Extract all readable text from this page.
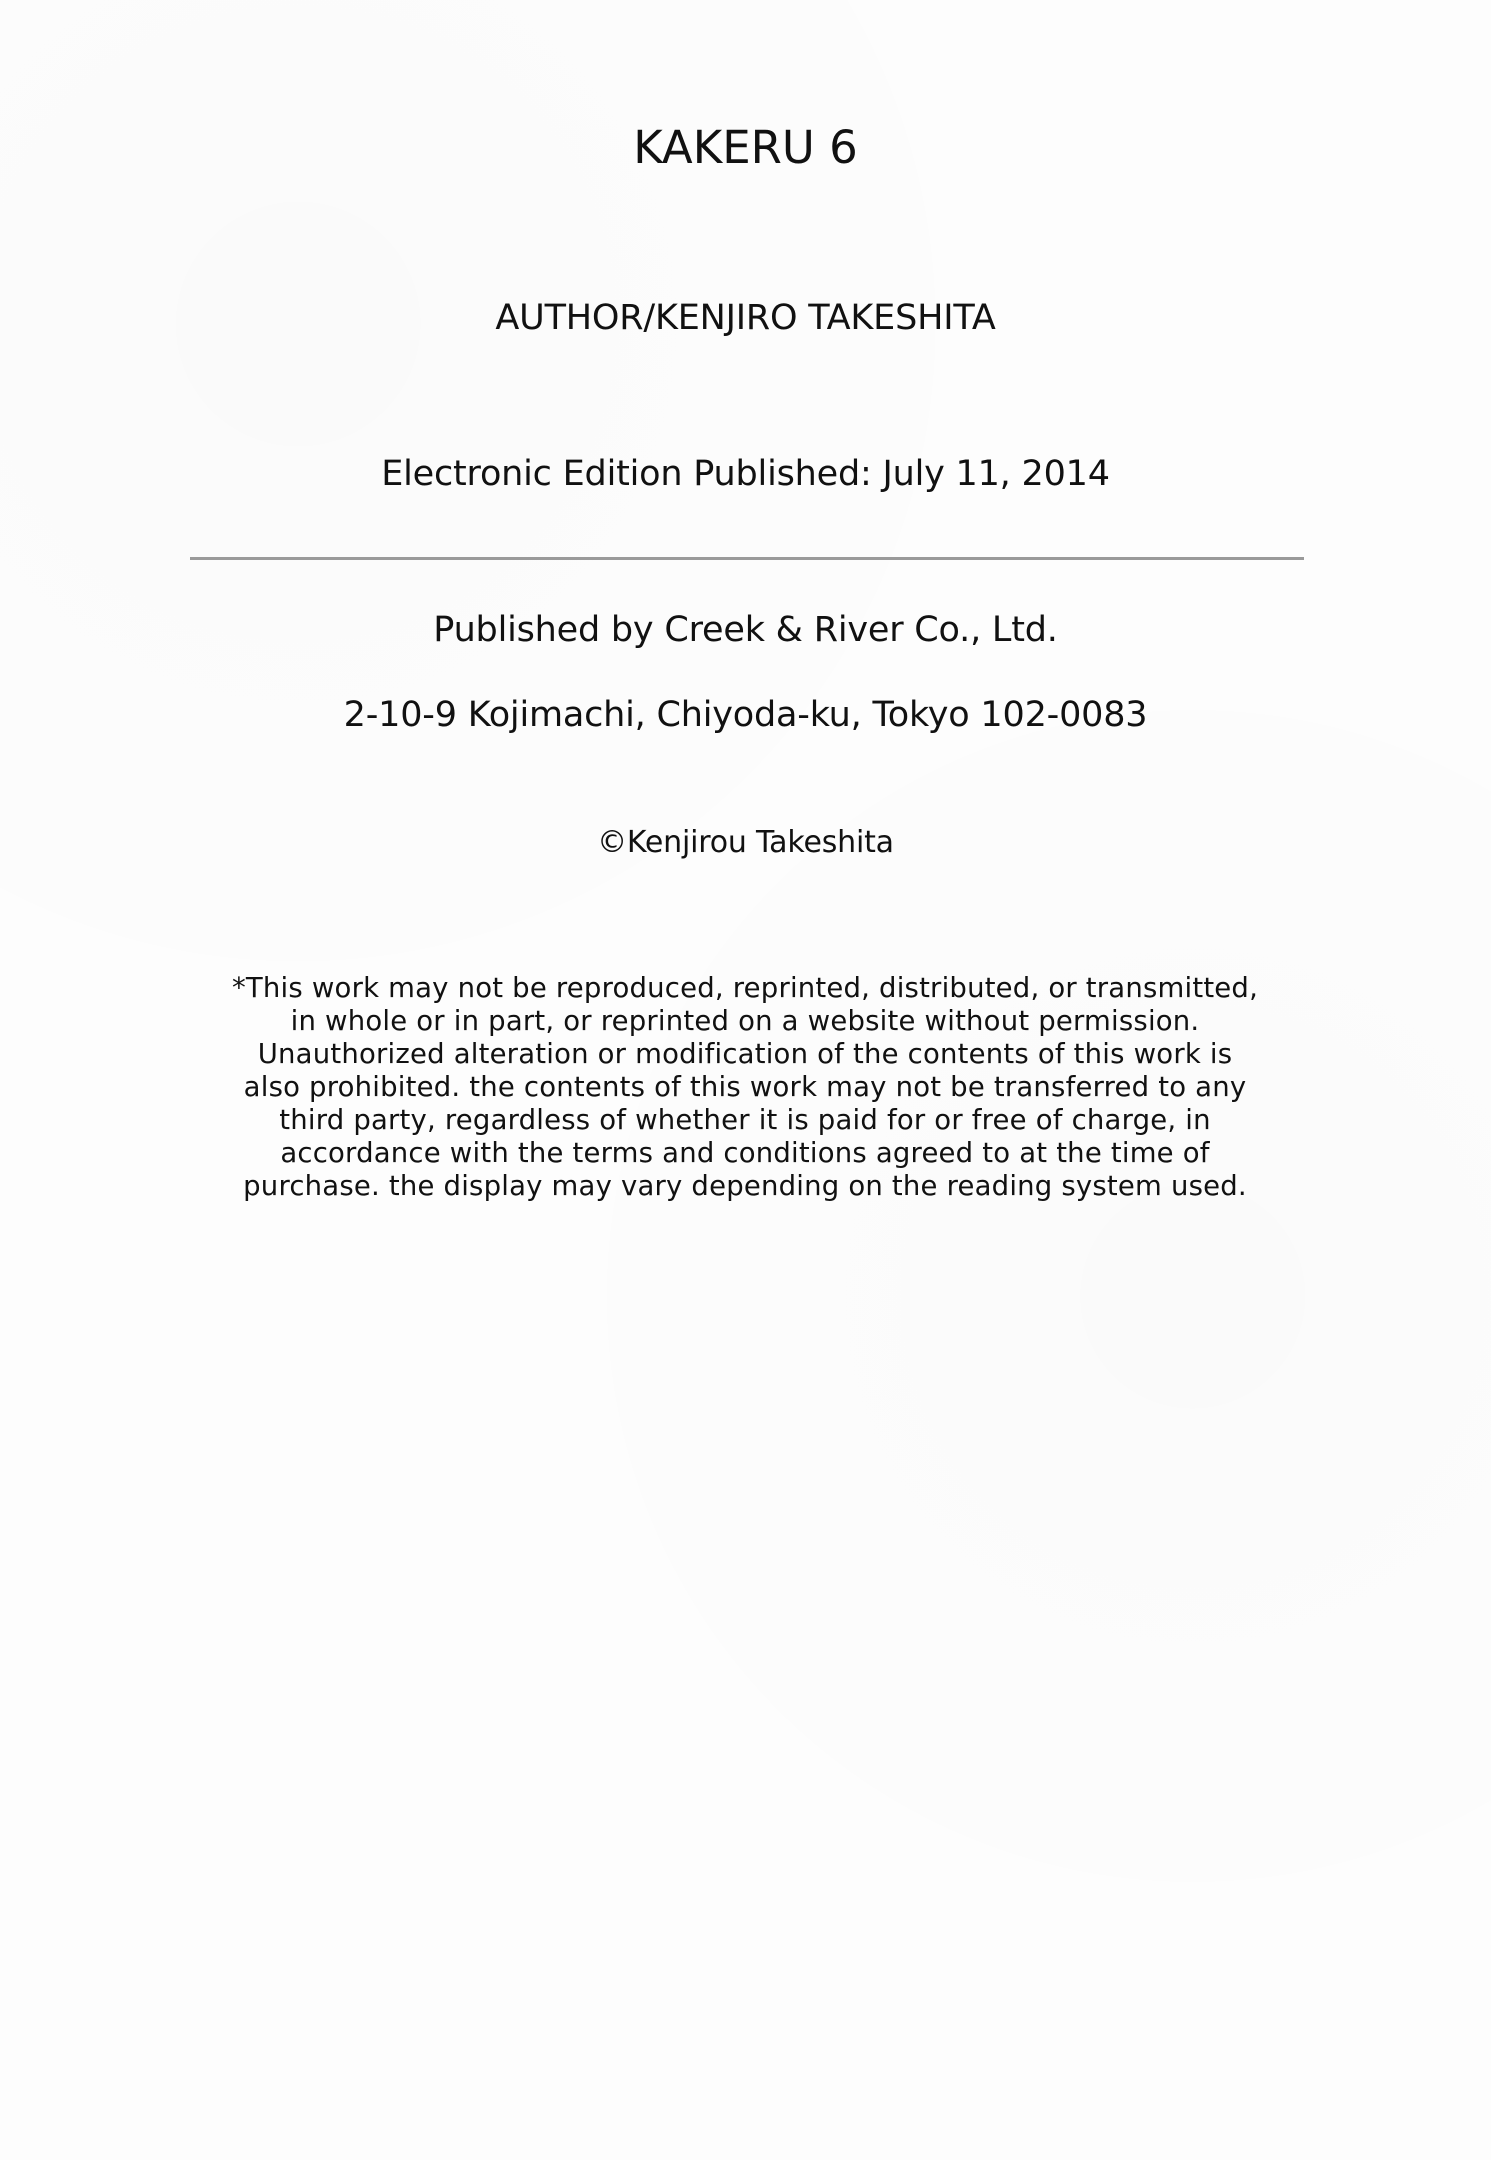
KAKERU 6
AUTHOR/KENJIRO TAKESHITA
Electronic Edition Published: July 11, 2014
Published by Creek & River Co., Ltd.
2-10-9 Kojimachi, Chiyoda-ku, Tokyo 102-0083
©Kenjirou Takeshita
*This work may not be reproduced, reprinted, distributed, or transmitted,
in whole or in part, or reprinted on a website without permission.
Unauthorized alteration or modification of the contents of this work is
also prohibited. the contents of this work may not be transferred to any
third party, regardless of whether it is paid for or free of charge, in
accordance with the terms and conditions agreed to at the time of
purchase. the display may vary depending on the reading system used.
